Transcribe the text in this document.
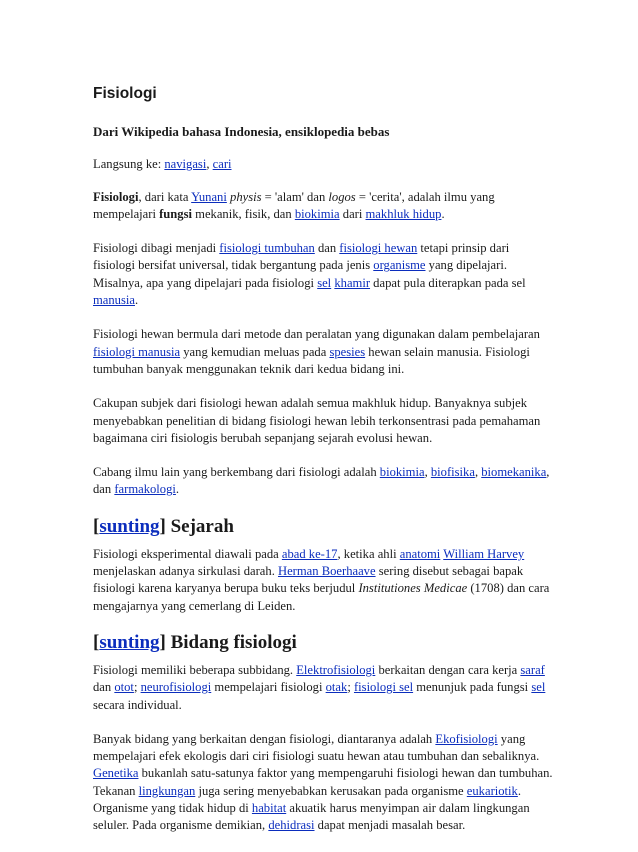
Fisiologi
Dari Wikipedia bahasa Indonesia, ensiklopedia bebas

Langsung ke: navigasi, cari

Fisiologi, dari kata Yunani physis = 'alam' dan logos = 'cerita', adalah ilmu yang mempelajari fungsi mekanik, fisik, dan biokimia dari makhluk hidup.

Fisiologi dibagi menjadi fisiologi tumbuhan dan fisiologi hewan tetapi prinsip dari fisiologi bersifat universal, tidak bergantung pada jenis organisme yang dipelajari. Misalnya, apa yang dipelajari pada fisiologi sel khamir dapat pula diterapkan pada sel manusia.

Fisiologi hewan bermula dari metode dan peralatan yang digunakan dalam pembelajaran fisiologi manusia yang kemudian meluas pada spesies hewan selain manusia. Fisiologi tumbuhan banyak menggunakan teknik dari kedua bidang ini.

Cakupan subjek dari fisiologi hewan adalah semua makhluk hidup. Banyaknya subjek menyebabkan penelitian di bidang fisiologi hewan lebih terkonsentrasi pada pemahaman bagaimana ciri fisiologis berubah sepanjang sejarah evolusi hewan.

Cabang ilmu lain yang berkembang dari fisiologi adalah biokimia, biofisika, biomekanika, dan farmakologi.

[sunting] Sejarah

Fisiologi eksperimental diawali pada abad ke-17, ketika ahli anatomi William Harvey menjelaskan adanya sirkulasi darah. Herman Boerhaave sering disebut sebagai bapak fisiologi karena karyanya berupa buku teks berjudul Institutiones Medicae (1708) dan cara mengajarnya yang cemerlang di Leiden.

[sunting] Bidang fisiologi

Fisiologi memiliki beberapa subbidang. Elektrofisiologi berkaitan dengan cara kerja saraf dan otot; neurofisiologi mempelajari fisiologi otak; fisiologi sel menunjuk pada fungsi sel secara individual.

Banyak bidang yang berkaitan dengan fisiologi, diantaranya adalah Ekofisiologi yang mempelajari efek ekologis dari ciri fisiologi suatu hewan atau tumbuhan dan sebaliknya. Genetika bukanlah satu-satunya faktor yang mempengaruhi fisiologi hewan dan tumbuhan. Tekanan lingkungan juga sering menyebabkan kerusakan pada organisme eukariotik. Organisme yang tidak hidup di habitat akuatik harus menyimpan air dalam lingkungan seluler. Pada organisme demikian, dehidrasi dapat menjadi masalah besar.
